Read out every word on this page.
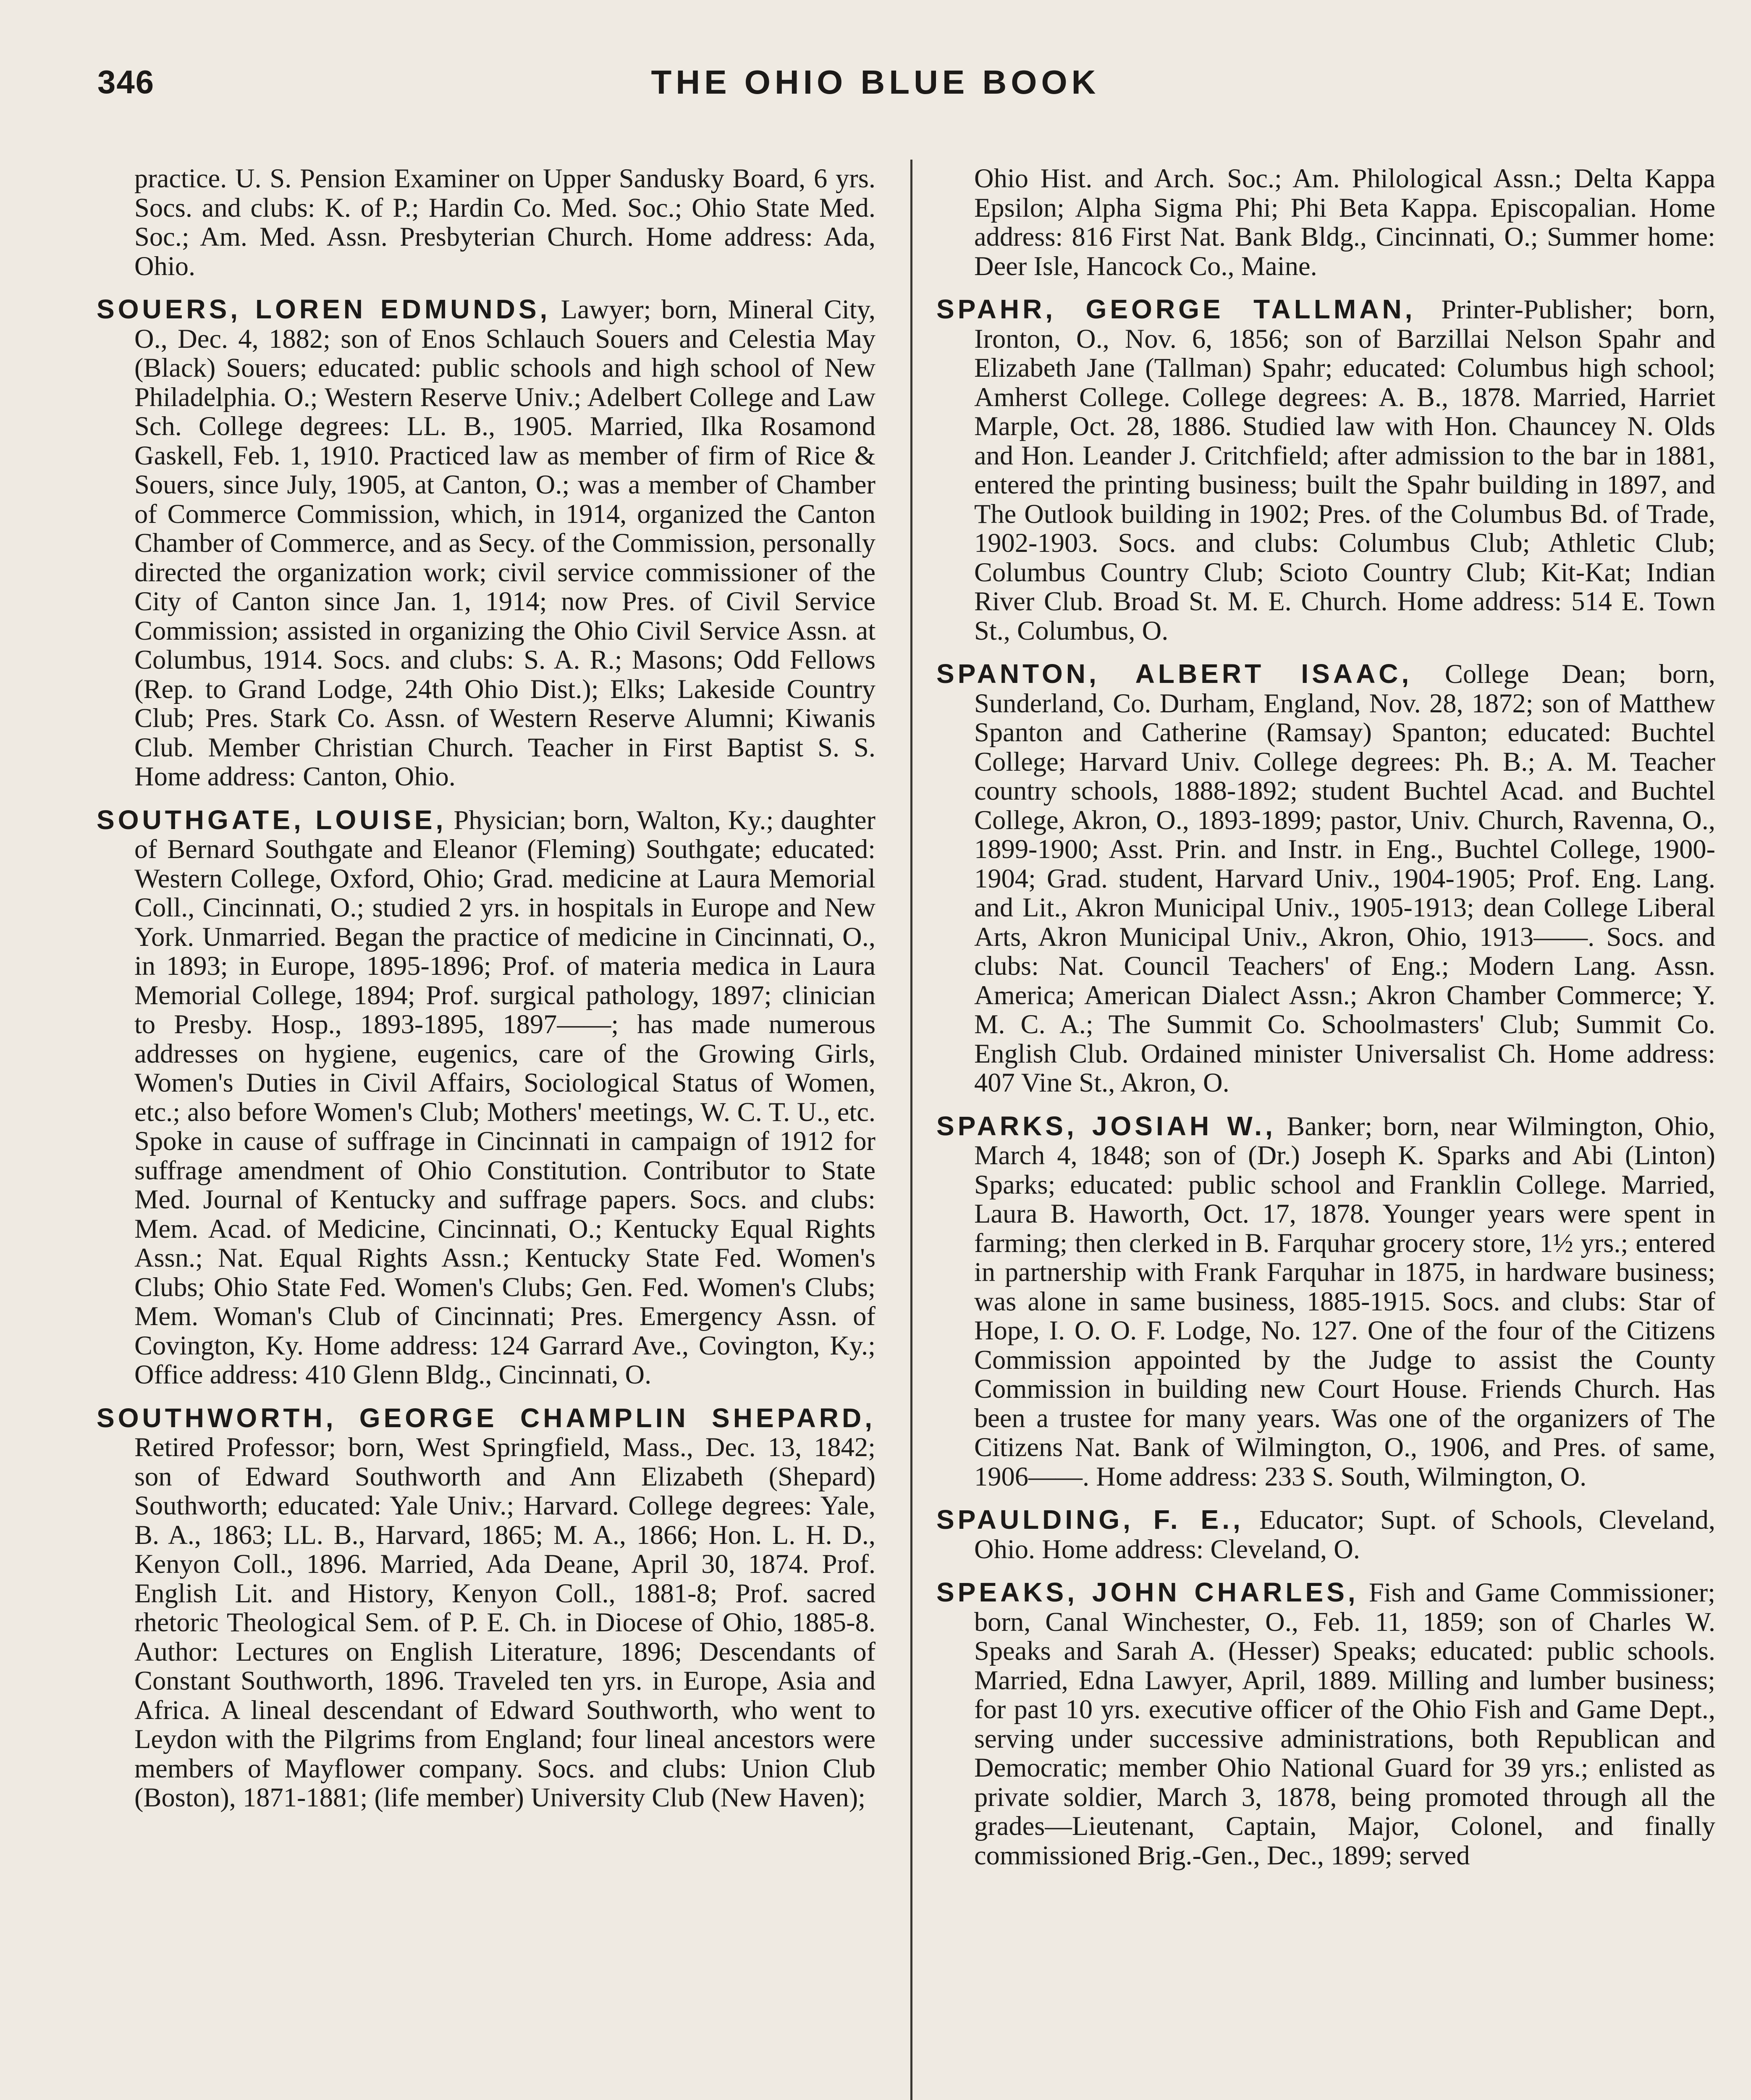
346	THE OHIO BLUE BOOK

practice. U. S. Pension Examiner on Upper Sandusky Board, 6 yrs. Socs. and clubs: K. of P.; Hardin Co. Med. Soc.; Ohio State Med. Soc.; Am. Med. Assn. Presbyterian Church. Home address: Ada, Ohio.

SOUERS, LOREN EDMUNDS, Lawyer; born, Mineral City, O., Dec. 4, 1882; son of Enos Schlauch Souers and Celestia May (Black) Souers; educated: public schools and high school of New Philadelphia. O.; Western Reserve Univ.; Adelbert College and Law Sch. College degrees: LL. B., 1905. Married, Ilka Rosamond Gaskell, Feb. 1, 1910. Practiced law as member of firm of Rice & Souers, since July, 1905, at Canton, O.; was a member of Chamber of Commerce Commission, which, in 1914, organized the Canton Chamber of Commerce, and as Secy. of the Commission, personally directed the organization work; civil service commissioner of the City of Canton since Jan. 1, 1914; now Pres. of Civil Service Commission; assisted in organizing the Ohio Civil Service Assn. at Columbus, 1914. Socs. and clubs: S. A. R.; Masons; Odd Fellows (Rep. to Grand Lodge, 24th Ohio Dist.); Elks; Lakeside Country Club; Pres. Stark Co. Assn. of Western Reserve Alumni; Kiwanis Club. Member Christian Church. Teacher in First Baptist S. S. Home address: Canton, Ohio.

SOUTHGATE, LOUISE, Physician; born, Walton, Ky.; daughter of Bernard Southgate and Eleanor (Fleming) Southgate; educated: Western College, Oxford, Ohio; Grad. medicine at Laura Memorial Coll., Cincinnati, O.; studied 2 yrs. in hospitals in Europe and New York. Unmarried. Began the practice of medicine in Cincinnati, O., in 1893; in Europe, 1895-1896; Prof. of materia medica in Laura Memorial College, 1894; Prof. surgical pathology, 1897; clinician to Presby. Hosp., 1893-1895, 1897——; has made numerous addresses on hygiene, eugenics, care of the Growing Girls, Women's Duties in Civil Affairs, Sociological Status of Women, etc.; also before Women's Club; Mothers' meetings, W. C. T. U., etc. Spoke in cause of suffrage in Cincinnati in campaign of 1912 for suffrage amendment of Ohio Constitution. Contributor to State Med. Journal of Kentucky and suffrage papers. Socs. and clubs: Mem. Acad. of Medicine, Cincinnati, O.; Kentucky Equal Rights Assn.; Nat. Equal Rights Assn.; Kentucky State Fed. Women's Clubs; Ohio State Fed. Women's Clubs; Gen. Fed. Women's Clubs; Mem. Woman's Club of Cincinnati; Pres. Emergency Assn. of Covington, Ky. Home address: 124 Garrard Ave., Covington, Ky.; Office address: 410 Glenn Bldg., Cincinnati, O.

SOUTHWORTH, GEORGE CHAMPLIN SHEPARD, Retired Professor; born, West Springfield, Mass., Dec. 13, 1842; son of Edward Southworth and Ann Elizabeth (Shepard) Southworth; educated: Yale Univ.; Harvard. College degrees: Yale, B. A., 1863; LL. B., Harvard, 1865; M. A., 1866; Hon. L. H. D., Kenyon Coll., 1896. Married, Ada Deane, April 30, 1874. Prof. English Lit. and History, Kenyon Coll., 1881-8; Prof. sacred rhetoric Theological Sem. of P. E. Ch. in Diocese of Ohio, 1885-8. Author: Lectures on English Literature, 1896; Descendants of Constant Southworth, 1896. Traveled ten yrs. in Europe, Asia and Africa. A lineal descendant of Edward Southworth, who went to Leydon with the Pilgrims from England; four lineal ancestors were members of Mayflower company. Socs. and clubs: Union Club (Boston), 1871-1881; (life member) University Club (New Haven);

Ohio Hist. and Arch. Soc.; Am. Philological Assn.; Delta Kappa Epsilon; Alpha Sigma Phi; Phi Beta Kappa. Episcopalian. Home address: 816 First Nat. Bank Bldg., Cincinnati, O.; Summer home: Deer Isle, Hancock Co., Maine.

SPAHR, GEORGE TALLMAN, Printer-Publisher; born, Ironton, O., Nov. 6, 1856; son of Barzillai Nelson Spahr and Elizabeth Jane (Tallman) Spahr; educated: Columbus high school; Amherst College. College degrees: A. B., 1878. Married, Harriet Marple, Oct. 28, 1886. Studied law with Hon. Chauncey N. Olds and Hon. Leander J. Critchfield; after admission to the bar in 1881, entered the printing business; built the Spahr building in 1897, and The Outlook building in 1902; Pres. of the Columbus Bd. of Trade, 1902-1903. Socs. and clubs: Columbus Club; Athletic Club; Columbus Country Club; Scioto Country Club; Kit-Kat; Indian River Club. Broad St. M. E. Church. Home address: 514 E. Town St., Columbus, O.

SPANTON, ALBERT ISAAC, College Dean; born, Sunderland, Co. Durham, England, Nov. 28, 1872; son of Matthew Spanton and Catherine (Ramsay) Spanton; educated: Buchtel College; Harvard Univ. College degrees: Ph. B.; A. M. Teacher country schools, 1888-1892; student Buchtel Acad. and Buchtel College, Akron, O., 1893-1899; pastor, Univ. Church, Ravenna, O., 1899-1900; Asst. Prin. and Instr. in Eng., Buchtel College, 1900-1904; Grad. student, Harvard Univ., 1904-1905; Prof. Eng. Lang. and Lit., Akron Municipal Univ., 1905-1913; dean College Liberal Arts, Akron Municipal Univ., Akron, Ohio, 1913——. Socs. and clubs: Nat. Council Teachers' of Eng.; Modern Lang. Assn. America; American Dialect Assn.; Akron Chamber Commerce; Y. M. C. A.; The Summit Co. Schoolmasters' Club; Summit Co. English Club. Ordained minister Universalist Ch. Home address: 407 Vine St., Akron, O.

SPARKS, JOSIAH W., Banker; born, near Wilmington, Ohio, March 4, 1848; son of (Dr.) Joseph K. Sparks and Abi (Linton) Sparks; educated: public school and Franklin College. Married, Laura B. Haworth, Oct. 17, 1878. Younger years were spent in farming; then clerked in B. Farquhar grocery store, 1½ yrs.; entered in partnership with Frank Farquhar in 1875, in hardware business; was alone in same business, 1885-1915. Socs. and clubs: Star of Hope, I. O. O. F. Lodge, No. 127. One of the four of the Citizens Commission appointed by the Judge to assist the County Commission in building new Court House. Friends Church. Has been a trustee for many years. Was one of the organizers of The Citizens Nat. Bank of Wilmington, O., 1906, and Pres. of same, 1906——. Home address: 233 S. South, Wilmington, O.

SPAULDING, F. E., Educator; Supt. of Schools, Cleveland, Ohio. Home address: Cleveland, O.

SPEAKS, JOHN CHARLES, Fish and Game Commissioner; born, Canal Winchester, O., Feb. 11, 1859; son of Charles W. Speaks and Sarah A. (Hesser) Speaks; educated: public schools. Married, Edna Lawyer, April, 1889. Milling and lumber business; for past 10 yrs. executive officer of the Ohio Fish and Game Dept., serving under successive administrations, both Republican and Democratic; member Ohio National Guard for 39 yrs.; enlisted as private soldier, March 3, 1878, being promoted through all the grades—Lieutenant, Captain, Major, Colonel, and finally commissioned Brig.-Gen., Dec., 1899; served
